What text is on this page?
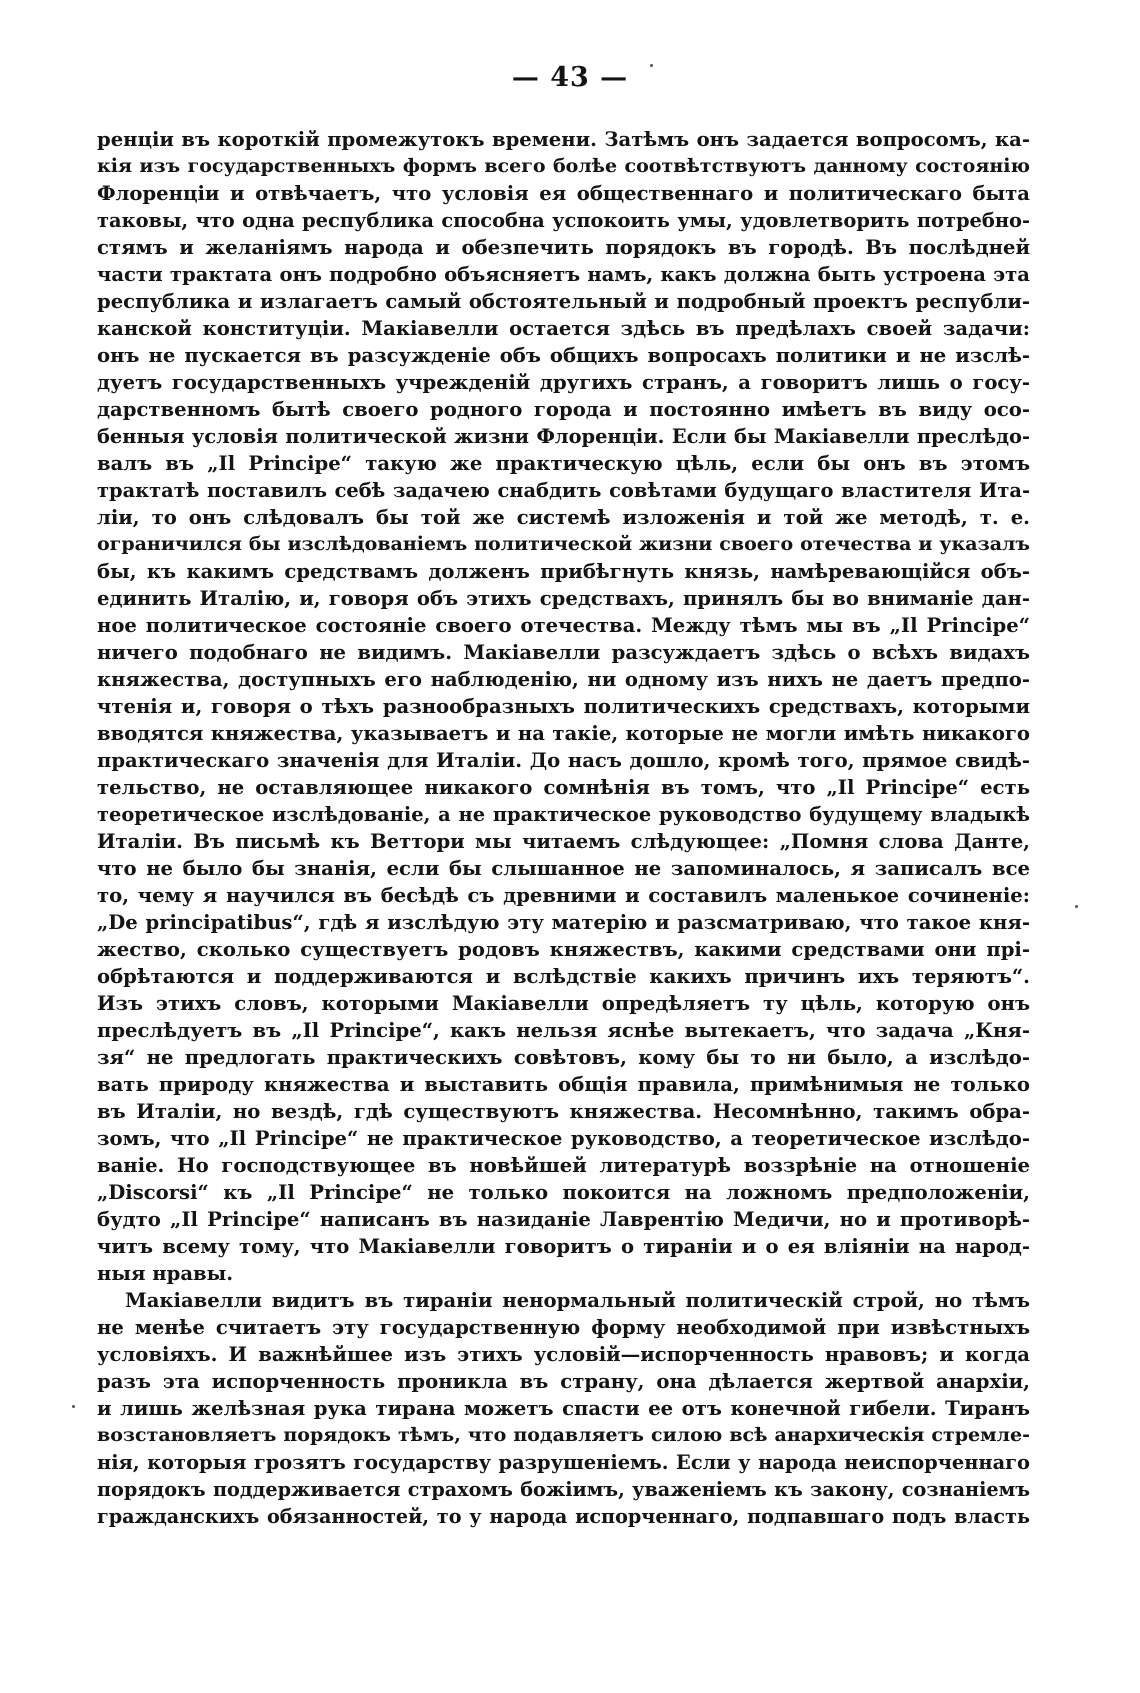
— 43 —
ренціи въ короткій промежутокъ времени. Затѣмъ онъ задается вопросомъ, ка-
кія изъ государственныхъ формъ всего болѣе соотвѣтствуютъ данному состоянію
Флоренціи и отвѣчаетъ, что условія ея общественнаго и политическаго быта
таковы, что одна республика способна успокоить умы, удовлетворить потребно-
стямъ и желаніямъ народа и обезпечить порядокъ въ городѣ. Въ послѣдней
части трактата онъ подробно объясняетъ намъ, какъ должна быть устроена эта
республика и излагаетъ самый обстоятельный и подробный проектъ республи-
канской конституціи. Макіавелли остается здѣсь въ предѣлахъ своей задачи:
онъ не пускается въ разсужденіе объ общихъ вопросахъ политики и не изслѣ-
дуетъ государственныхъ учрежденій другихъ странъ, а говоритъ лишь о госу-
дарственномъ бытѣ своего родного города и постоянно имѣетъ въ виду осо-
бенныя условія политической жизни Флоренціи. Если бы Макіавелли преслѣдо-
валъ въ „Il Principe“ такую же практическую цѣль, если бы онъ въ этомъ
трактатѣ поставилъ себѣ задачею снабдить совѣтами будущаго властителя Ита-
ліи, то онъ слѣдовалъ бы той же системѣ изложенія и той же методѣ, т. е.
ограничился бы изслѣдованіемъ политической жизни своего отечества и указалъ
бы, къ какимъ средствамъ долженъ прибѣгнуть князь, намѣревающійся объ-
единить Италію, и, говоря объ этихъ средствахъ, принялъ бы во вниманіе дан-
ное политическое состояніе своего отечества. Между тѣмъ мы въ „Il Principe“
ничего подобнаго не видимъ. Макіавелли разсуждаетъ здѣсь о всѣхъ видахъ
княжества, доступныхъ его наблюденію, ни одному изъ нихъ не даетъ предпо-
чтенія и, говоря о тѣхъ разнообразныхъ политическихъ средствахъ, которыми
вводятся княжества, указываетъ и на такіе, которые не могли имѣть никакого
практическаго значенія для Италіи. До насъ дошло, кромѣ того, прямое свидѣ-
тельство, не оставляющее никакого сомнѣнія въ томъ, что „Il Principe“ есть
теоретическое изслѣдованіе, а не практическое руководство будущему владыкѣ
Италіи. Въ письмѣ къ Веттори мы читаемъ слѣдующее: „Помня слова Данте,
что не было бы знанія, если бы слышанное не запоминалось, я записалъ все
то, чему я научился въ бесѣдѣ съ древними и составилъ маленькое сочиненіе:
„De principatibus“, гдѣ я изслѣдую эту матерію и разсматриваю, что такое кня-
жество, сколько существуетъ родовъ княжествъ, какими средствами они прі-
обрѣтаются и поддерживаются и вслѣдствіе какихъ причинъ ихъ теряютъ“.
Изъ этихъ словъ, которыми Макіавелли опредѣляетъ ту цѣль, которую онъ
преслѣдуетъ въ „Il Principe“, какъ нельзя яснѣе вытекаетъ, что задача „Кня-
зя“ не предлогать практическихъ совѣтовъ, кому бы то ни было, а изслѣдо-
вать природу княжества и выставить общія правила, примѣнимыя не только
въ Италіи, но вездѣ, гдѣ существуютъ княжества. Несомнѣнно, такимъ обра-
зомъ, что „Il Principe“ не практическое руководство, а теоретическое изслѣдо-
ваніе. Но господствующее въ новѣйшей литературѣ воззрѣніе на отношеніе
„Discorsi“ къ „Il Principe“ не только покоится на ложномъ предположеніи,
будто „Il Principe“ написанъ въ назиданіе Лаврентію Медичи, но и противорѣ-
читъ всему тому, что Макіавелли говоритъ о тираніи и о ея вліяніи на народ-
ныя нравы.
Макіавелли видитъ въ тираніи ненормальный политическій строй, но тѣмъ
не менѣе считаетъ эту государственную форму необходимой при извѣстныхъ
условіяхъ. И важнѣйшее изъ этихъ условій—испорченность нравовъ; и когда
разъ эта испорченность проникла въ страну, она дѣлается жертвой анархіи,
и лишь желѣзная рука тирана можетъ спасти ее отъ конечной гибели. Тиранъ
возстановляетъ порядокъ тѣмъ, что подавляетъ силою всѣ анархическія стремле-
нія, которыя грозятъ государству разрушеніемъ. Если у народа неиспорченнаго
порядокъ поддерживается страхомъ божіимъ, уваженіемъ къ закону, сознаніемъ
гражданскихъ обязанностей, то у народа испорченнаго, подпавшаго подъ власть
